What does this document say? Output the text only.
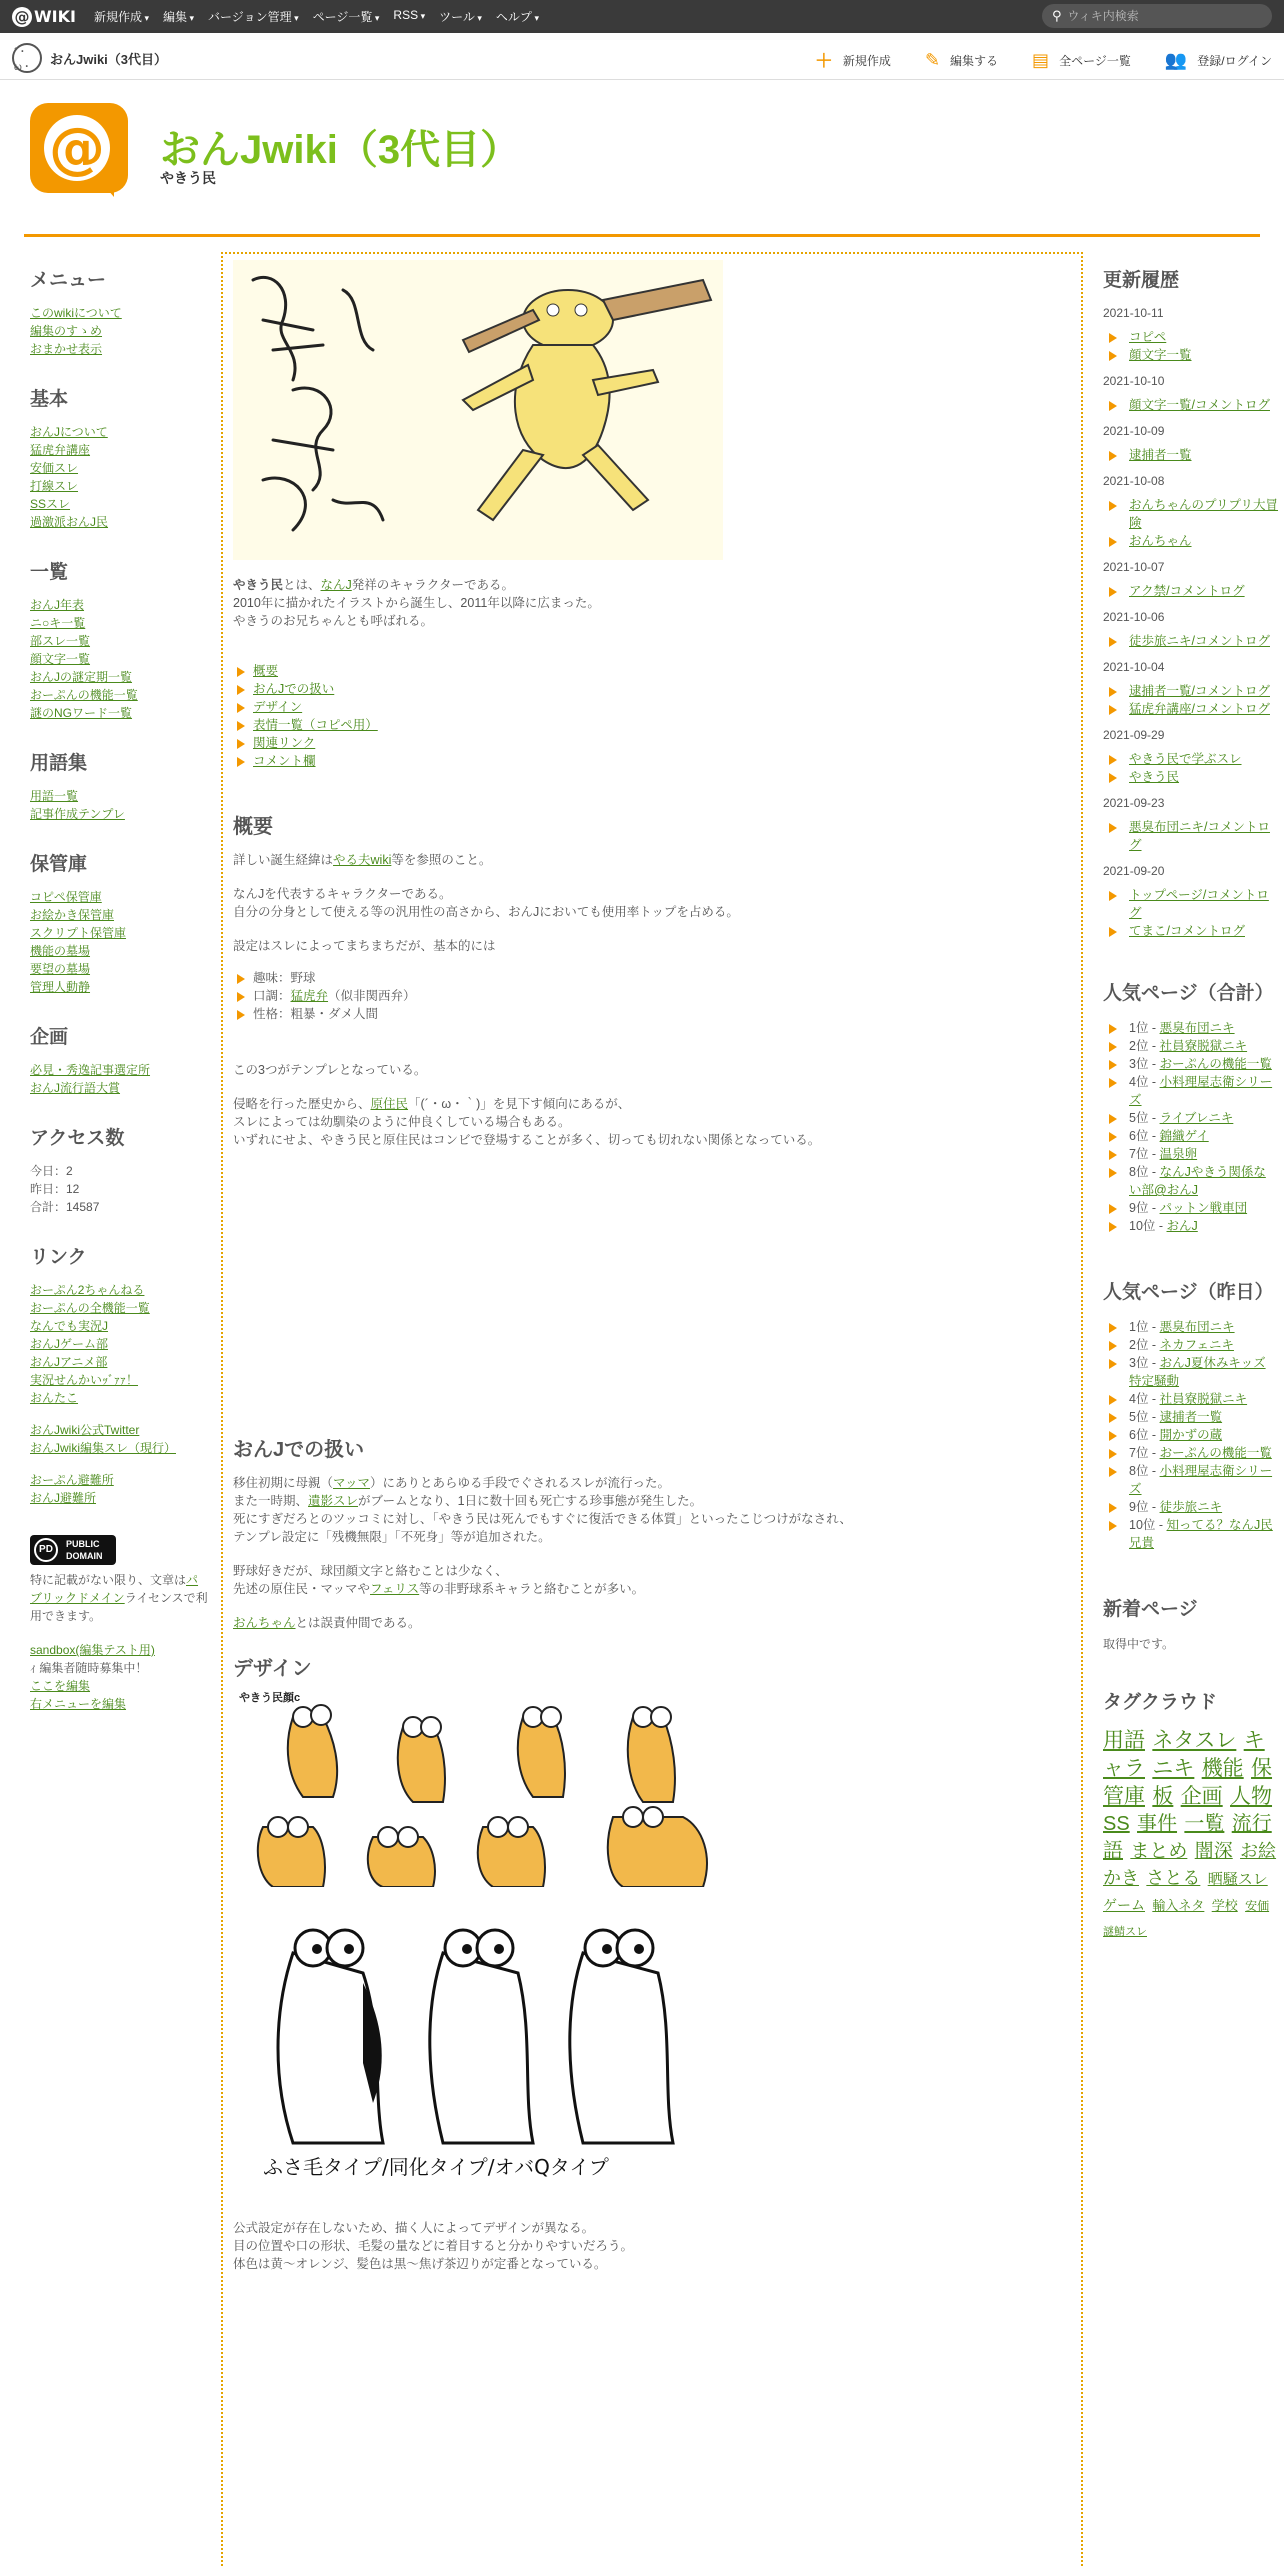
@ WIKI 新規作成 ▾	編集 ▾	バージョン管理 ▾	ページ一覧 ▾	RSS ▾	ツール ▾	ヘルプ ▾	⚲
ウィキ内検索
´・ω・
おんJwiki（3代目）	＋ 新規作成 ✎ 編集する ▤ 全ページ一覧 👥 登録/ログイン
@ おんJwiki（3代目）
やきう民
メニュー
このwikiについて
編集のすゝめ
おまかせ表示
基本
おんJについて
猛虎弁講座
安価スレ
打線スレ
SSスレ
過激派おんJ民
一覧
おんJ年表
ニ○キ一覧
部スレ一覧
顔文字一覧
おんJの謎定期一覧
おーぷんの機能一覧
謎のNGワード一覧
用語集
用語一覧
記事作成テンプレ
保管庫
コピペ保管庫
お絵かき保管庫
スクリプト保管庫
機能の墓場
要望の墓場
管理人動静
企画
必見・秀逸記事選定所
おんJ流行語大賞
アクセス数
今日：2
昨日：12
合計：14587
リンク
おーぷん2ちゃんねる
おーぷんの全機能一覧
なんでも実況J
おんJゲーム部
おんJアニメ部
実況せんかいｯﾞｧｧ！
おんたこ
おんJwiki公式Twitter
おんJwiki編集スレ（現行）
おーぷん避難所
おんJ避難所
PD	PUBLIC
DOMAIN
特に記載がない限り、文章はパブリックドメインライセンスで利用できます。
sandbox(編集テスト用)
ｨ 編集者随時募集中！
ここを編集
右メニューを編集
やきう民とは、なんJ発祥のキャラクターである。
2010年に描かれたイラストから誕生し、2011年以降に広まった。
やきうのお兄ちゃんとも呼ばれる。
概要
おんJでの扱い
デザイン
表情一覧（コピペ用）
関連リンク
コメント欄
概要
詳しい誕生経緯はやる夫wiki等を参照のこと。
なんJを代表するキャラクターである。
自分の分身として使える等の汎用性の高さから、おんJにおいても使用率トップを占める。
設定はスレによってまちまちだが、基本的には
趣味：野球
口調：猛虎弁（似非関西弁）
性格：粗暴・ダメ人間
この3つがテンプレとなっている。
侵略を行った歴史から、原住民「(´・ω・｀)」を見下す傾向にあるが、
スレによっては幼馴染のように仲良くしている場合もある。
いずれにせよ、やきう民と原住民はコンビで登場することが多く、切っても切れない関係となっている。
おんJでの扱い
移住初期に母親（マッマ）にありとあらゆる手段でぐされるスレが流行った。
また一時期、遺影スレがブームとなり、1日に数十回も死亡する珍事態が発生した。
死にすぎだろとのツッコミに対し、「やきう民は死んでもすぐに復活できる体質」といったこじつけがなされ、
テンプレ設定に「残機無限」「不死身」等が追加された。
野球好きだが、球団顔文字と絡むことは少なく、
先述の原住民・マッマやフェリス等の非野球系キャラと絡むことが多い。
おんちゃんとは誤責仲間である。
デザイン
やきう民顔c
ふさ毛タイプ/同化タイプ/オバQタイプ
公式設定が存在しないため、描く人によってデザインが異なる。
目の位置や口の形状、毛髪の量などに着目すると分かりやすいだろう。
体色は黄～オレンジ、髪色は黒～焦げ茶辺りが定番となっている。
更新履歴
2021-10-11
コピペ
顔文字一覧
2021-10-10
顔文字一覧/コメントログ
2021-10-09
逮捕者一覧
2021-10-08
おんちゃんのプリプリ大冒険
おんちゃん
2021-10-07
アク禁/コメントログ
2021-10-06
徒歩旅ニキ/コメントログ
2021-10-04
逮捕者一覧/コメントログ
猛虎弁講座/コメントログ
2021-09-29
やきう民で学ぶスレ
やきう民
2021-09-23
悪臭布団ニキ/コメントログ
2021-09-20
トップページ/コメントログ
てまこ/コメントログ
人気ページ（合計）
1位 - 悪臭布団ニキ
2位 - 社員寮脱獄ニキ
3位 - おーぷんの機能一覧
4位 - 小料理屋志衛シリーズ
5位 - ライブレニキ
6位 - 錦織ゲイ
7位 - 温泉卵
8位 - なんJやきう関係ない部@おんJ
9位 - パットン戦車団
10位 - おんJ
人気ページ（昨日）
1位 - 悪臭布団ニキ
2位 - ネカフェニキ
3位 - おんJ夏休みキッズ特定騒動
4位 - 社員寮脱獄ニキ
5位 - 逮捕者一覧
6位 - 開かずの蔵
7位 - おーぷんの機能一覧
8位 - 小料理屋志衛シリーズ
9位 - 徒歩旅ニキ
10位 - 知ってる？なんJ民兄貴
新着ページ
取得中です。
タグクラウド
用語 ネタスレ キャラ ニキ 機能 保管庫 板 企画 人物 SS 事件 一覧 流行語 まとめ 闇深 お絵かき さとる 晒騒スレ ゲーム 輸入ネタ 学校 安価 謎鯖スレ
